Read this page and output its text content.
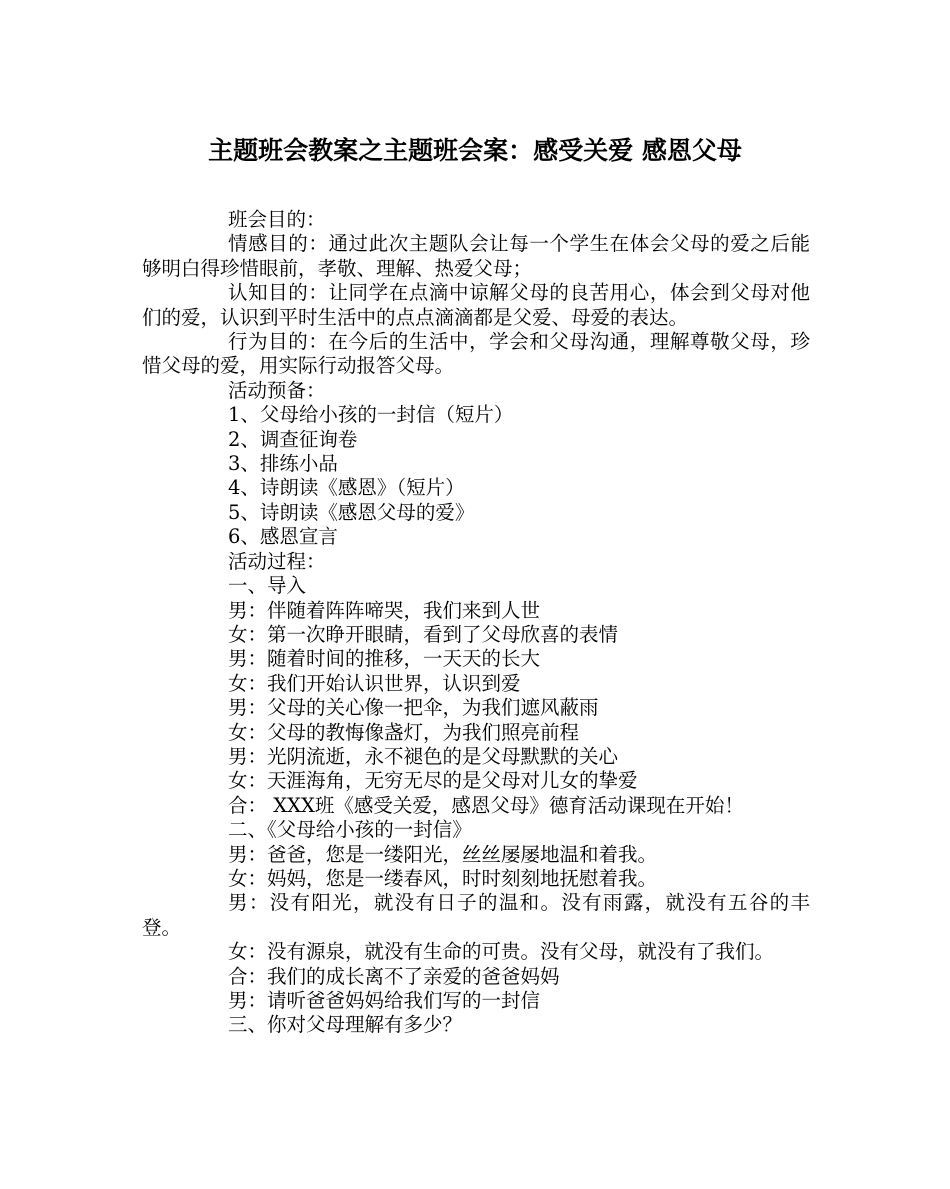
主题班会教案之主题班会案：感受关爱 感恩父母

班会目的：

情感目的：通过此次主题队会让每一个学生在体会父母的爱之后能够明白得珍惜眼前，孝敬、理解、热爱父母；

认知目的：让同学在点滴中谅解父母的良苦用心，体会到父母对他们的爱，认识到平时生活中的点点滴滴都是父爱、母爱的表达。

行为目的：在今后的生活中，学会和父母沟通，理解尊敬父母，珍惜父母的爱，用实际行动报答父母。

活动预备：

1、父母给小孩的一封信（短片）

2、调查征询卷

3、排练小品

4、诗朗读《感恩》（短片）

5、诗朗读《感恩父母的爱》

6、感恩宣言

活动过程：

一、导入

男：伴随着阵阵啼哭，我们来到人世

女：第一次睁开眼睛，看到了父母欣喜的表情

男：随着时间的推移，一天天的长大

女：我们开始认识世界，认识到爱

男：父母的关心像一把伞，为我们遮风蔽雨

女：父母的教悔像盏灯，为我们照亮前程

男：光阴流逝，永不褪色的是父母默默的关心

女：天涯海角，无穷无尽的是父母对儿女的挚爱

合： XXX班《感受关爱，感恩父母》德育活动课现在开始！

二、《父母给小孩的一封信》

男：爸爸，您是一缕阳光，丝丝屡屡地温和着我。

女：妈妈，您是一缕春风，时时刻刻地抚慰着我。

男：没有阳光，就没有日子的温和。没有雨露，就没有五谷的丰登。

女：没有源泉，就没有生命的可贵。没有父母，就没有了我们。

合：我们的成长离不了亲爱的爸爸妈妈

男：请听爸爸妈妈给我们写的一封信

三、你对父母理解有多少？
